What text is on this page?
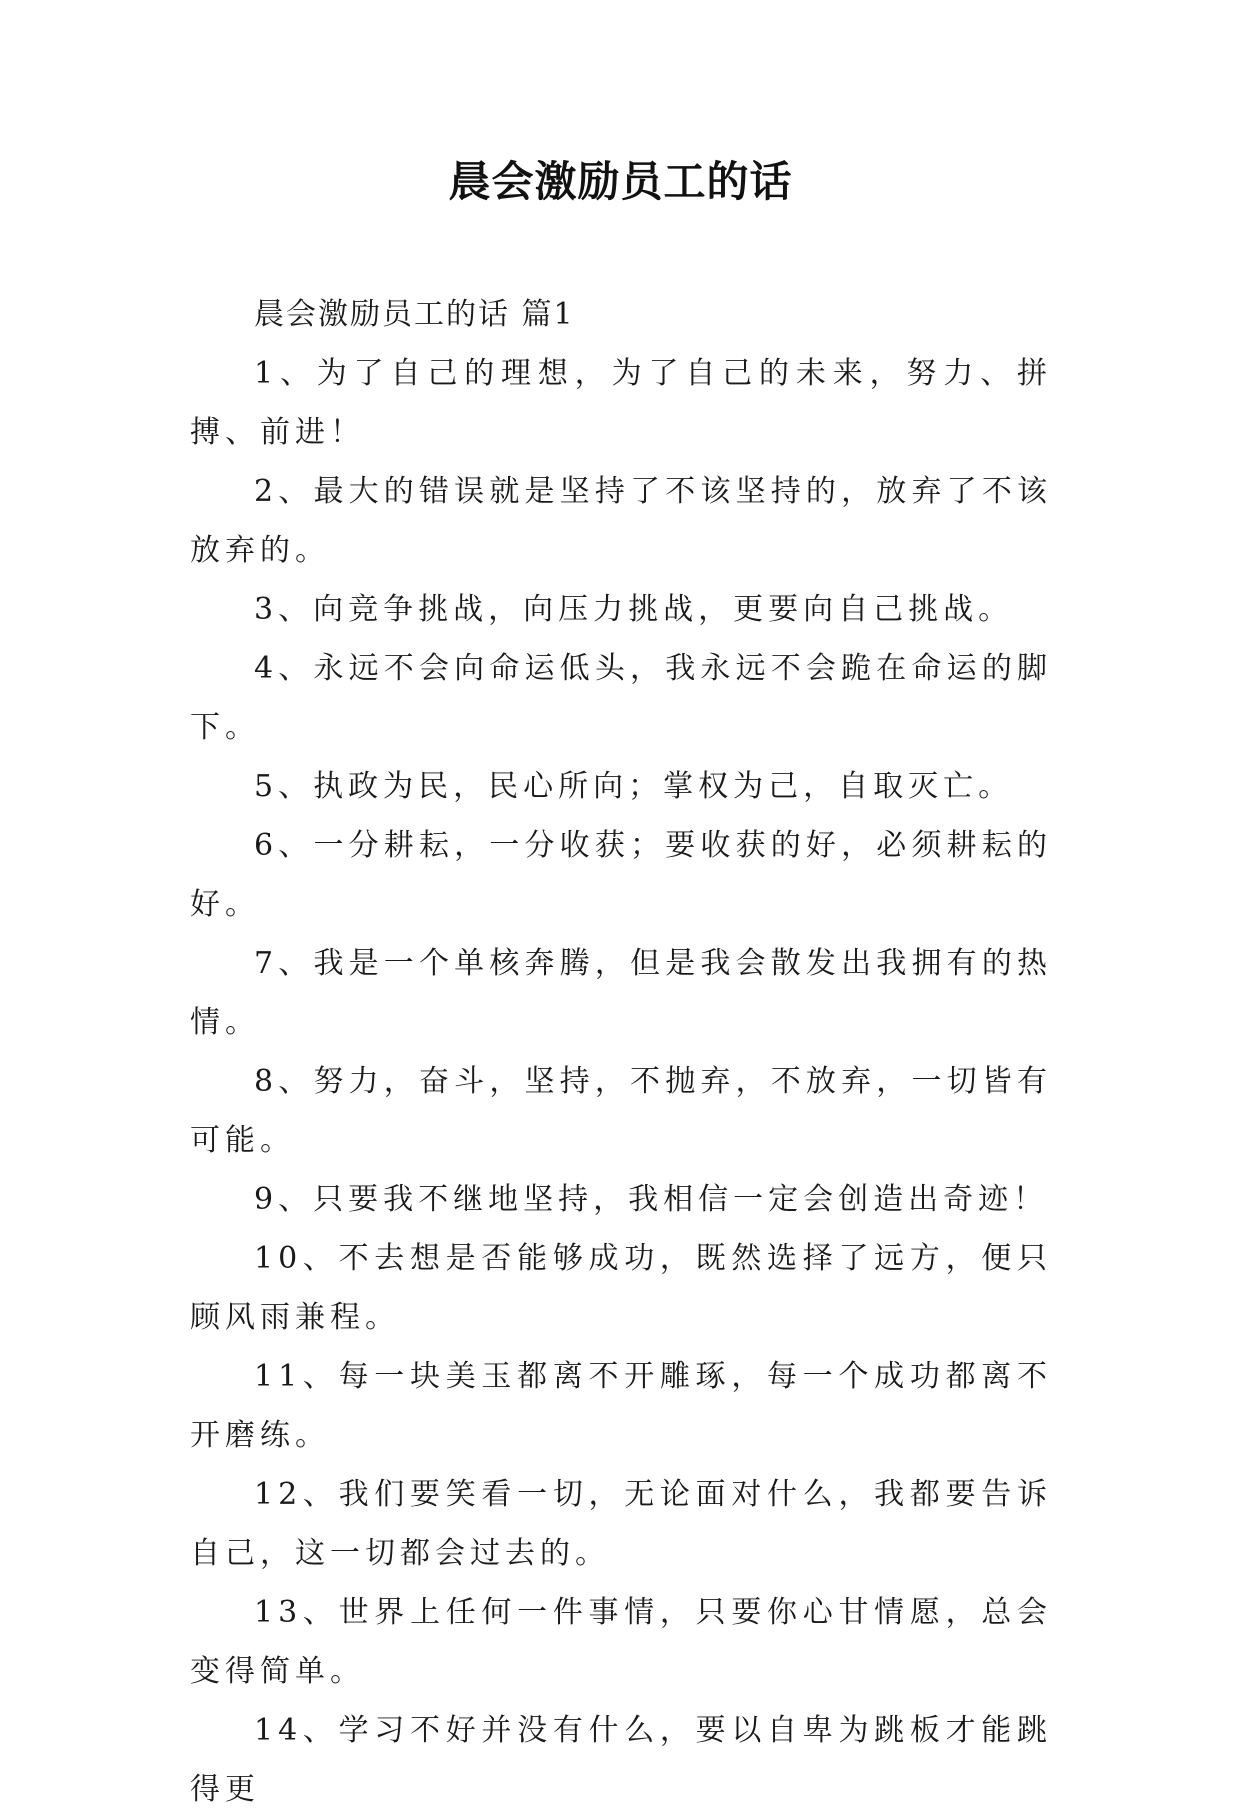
晨会激励员工的话

晨会激励员工的话 篇1

1、为了自己的理想，为了自己的未来，努力、拼搏、前进！

2、最大的错误就是坚持了不该坚持的，放弃了不该放弃的。

3、向竞争挑战，向压力挑战，更要向自己挑战。

4、永远不会向命运低头，我永远不会跪在命运的脚下。

5、执政为民，民心所向；掌权为己，自取灭亡。

6、一分耕耘，一分收获；要收获的好，必须耕耘的好。

7、我是一个单核奔腾，但是我会散发出我拥有的热情。

8、努力，奋斗，坚持，不抛弃，不放弃，一切皆有可能。

9、只要我不继地坚持，我相信一定会创造出奇迹！

10、不去想是否能够成功，既然选择了远方，便只顾风雨兼程。

11、每一块美玉都离不开雕琢，每一个成功都离不开磨练。

12、我们要笑看一切，无论面对什么，我都要告诉自己，这一切都会过去的。

13、世界上任何一件事情，只要你心甘情愿，总会变得简单。

14、学习不好并没有什么，要以自卑为跳板才能跳得更
